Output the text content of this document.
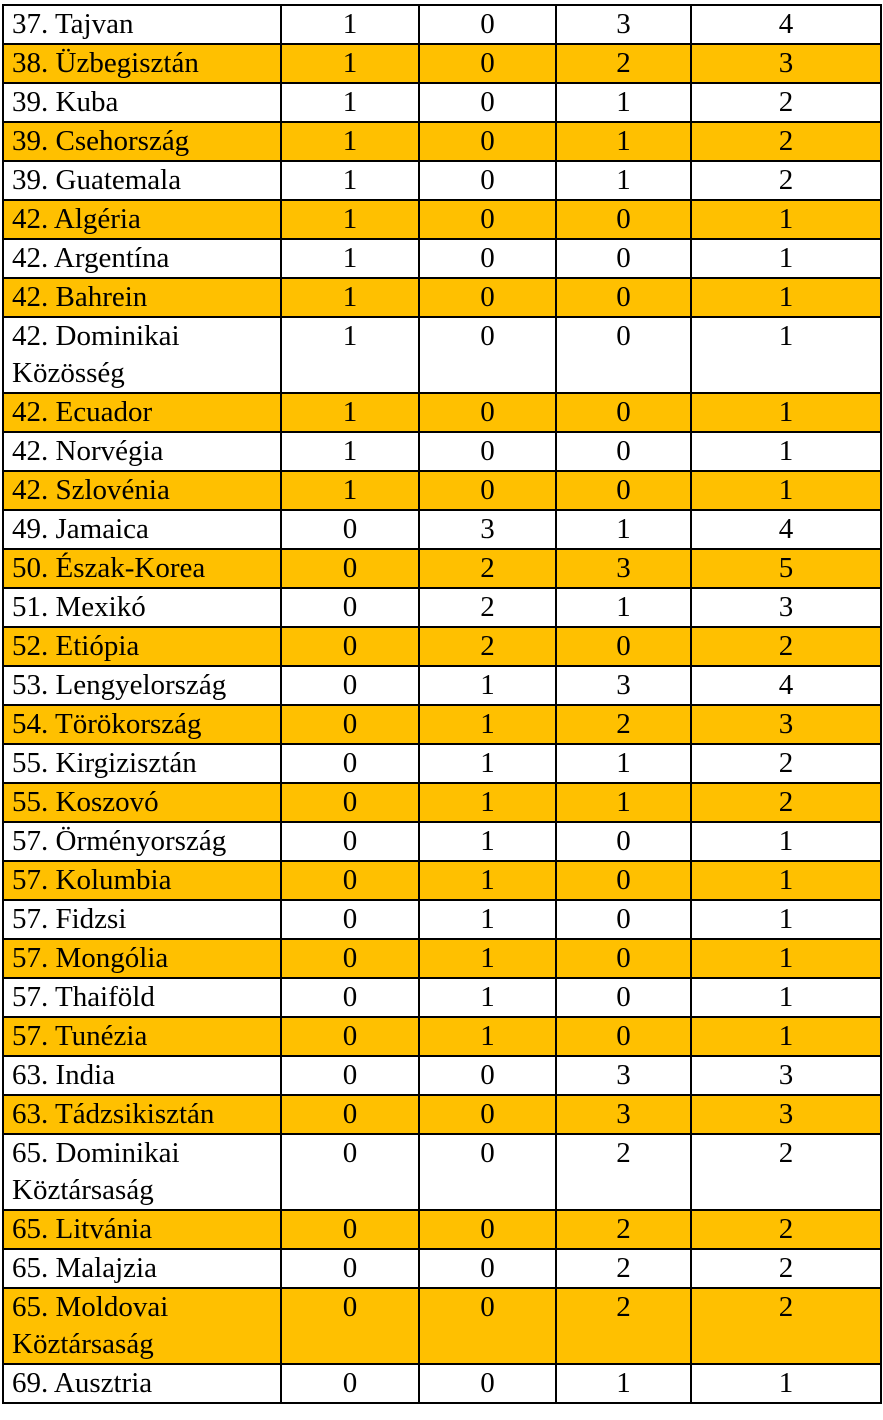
37. Tajvan	1	0	3	4
38. Üzbegisztán	1	0	2	3
39. Kuba	1	0	1	2
39. Csehország	1	0	1	2
39. Guatemala	1	0	1	2
42. Algéria	1	0	0	1
42. Argentína	1	0	0	1
42. Bahrein	1	0	0	1
42. Dominikai Közösség	1	0	0	1
42. Ecuador	1	0	0	1
42. Norvégia	1	0	0	1
42. Szlovénia	1	0	0	1
49. Jamaica	0	3	1	4
50. Észak-Korea	0	2	3	5
51. Mexikó	0	2	1	3
52. Etiópia	0	2	0	2
53. Lengyelország	0	1	3	4
54. Törökország	0	1	2	3
55. Kirgizisztán	0	1	1	2
55. Koszovó	0	1	1	2
57. Örményország	0	1	0	1
57. Kolumbia	0	1	0	1
57. Fidzsi	0	1	0	1
57. Mongólia	0	1	0	1
57. Thaiföld	0	1	0	1
57. Tunézia	0	1	0	1
63. India	0	0	3	3
63. Tádzsikisztán	0	0	3	3
65. Dominikai Köztársaság	0	0	2	2
65. Litvánia	0	0	2	2
65. Malajzia	0	0	2	2
65. Moldovai Köztársaság	0	0	2	2
69. Ausztria	0	0	1	1
